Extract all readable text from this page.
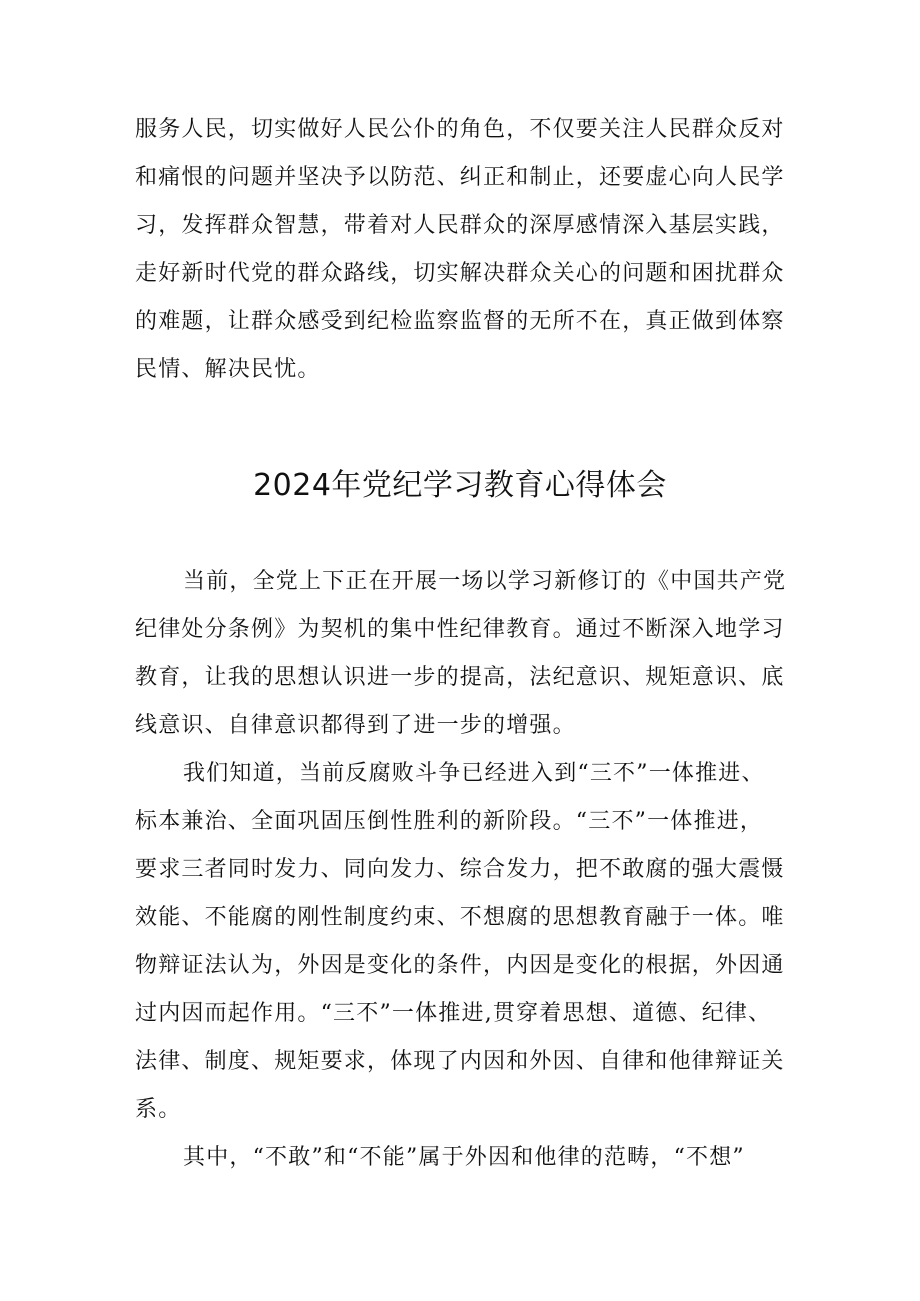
服务人民，切实做好人民公仆的角色，不仅要关注人民群众反对
和痛恨的问题并坚决予以防范、纠正和制止，还要虚心向人民学
习，发挥群众智慧，带着对人民群众的深厚感情深入基层实践，
走好新时代党的群众路线，切实解决群众关心的问题和困扰群众
的难题，让群众感受到纪检监察监督的无所不在，真正做到体察
民情、解决民忧。
2024年党纪学习教育心得体会
当前，全党上下正在开展一场以学习新修订的《中国共产党
纪律处分条例》为契机的集中性纪律教育。通过不断深入地学习
教育，让我的思想认识进一步的提高，法纪意识、规矩意识、底
线意识、自律意识都得到了进一步的增强。
我们知道，当前反腐败斗争已经进入到“三不”一体推进、
标本兼治、全面巩固压倒性胜利的新阶段。“三不”一体推进，
要求三者同时发力、同向发力、综合发力，把不敢腐的强大震慑
效能、不能腐的刚性制度约束、不想腐的思想教育融于一体。唯
物辩证法认为，外因是变化的条件，内因是变化的根据，外因通
过内因而起作用。“三不”一体推进,贯穿着思想、道德、纪律、
法律、制度、规矩要求，体现了内因和外因、自律和他律辩证关
系。
其中，“不敢”和“不能”属于外因和他律的范畴，“不想”
